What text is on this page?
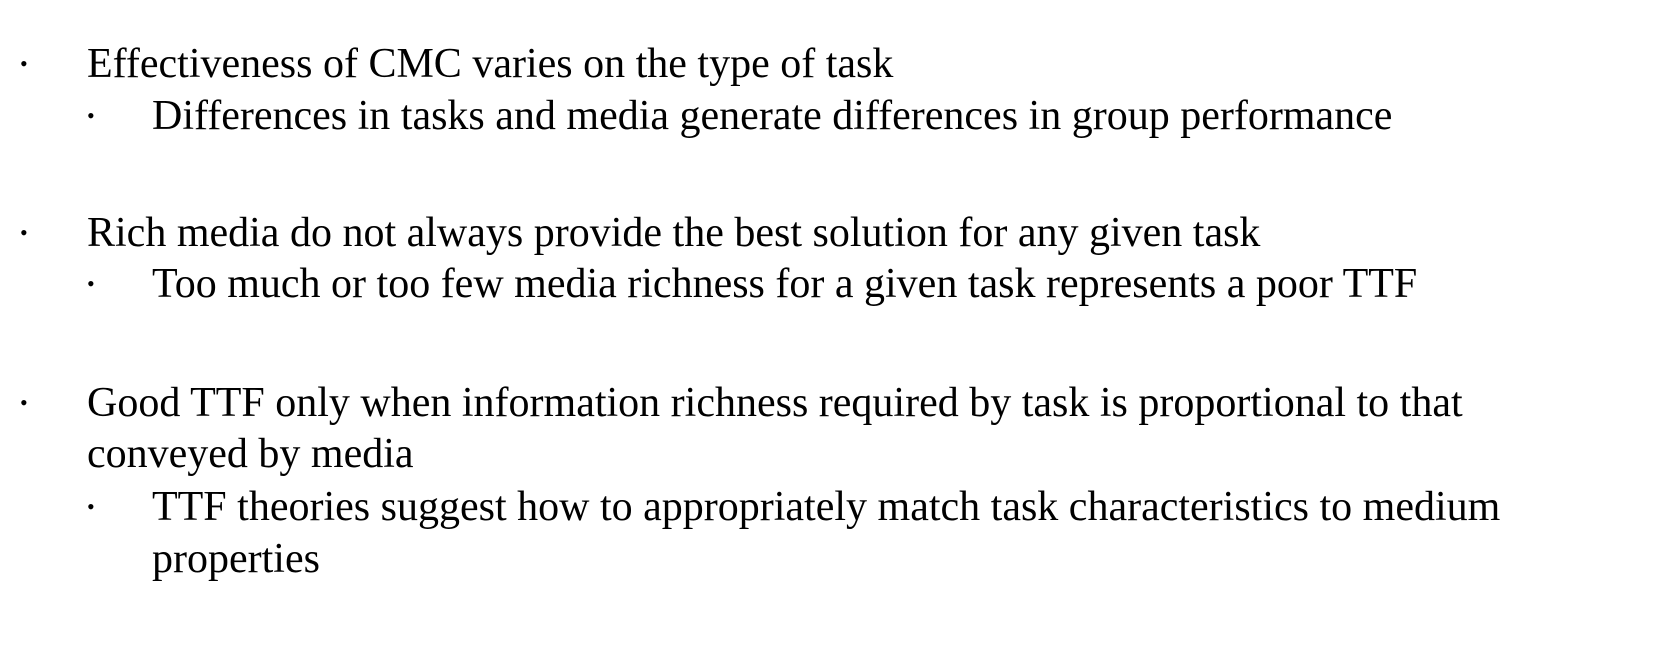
• Effectiveness of CMC varies on the type of task
• Differences in tasks and media generate differences in group performance
• Rich media do not always provide the best solution for any given task
• Too much or too few media richness for a given task represents a poor TTF
• Good TTF only when information richness required by task is proportional to that
conveyed by media
• TTF theories suggest how to appropriately match task characteristics to medium
properties
